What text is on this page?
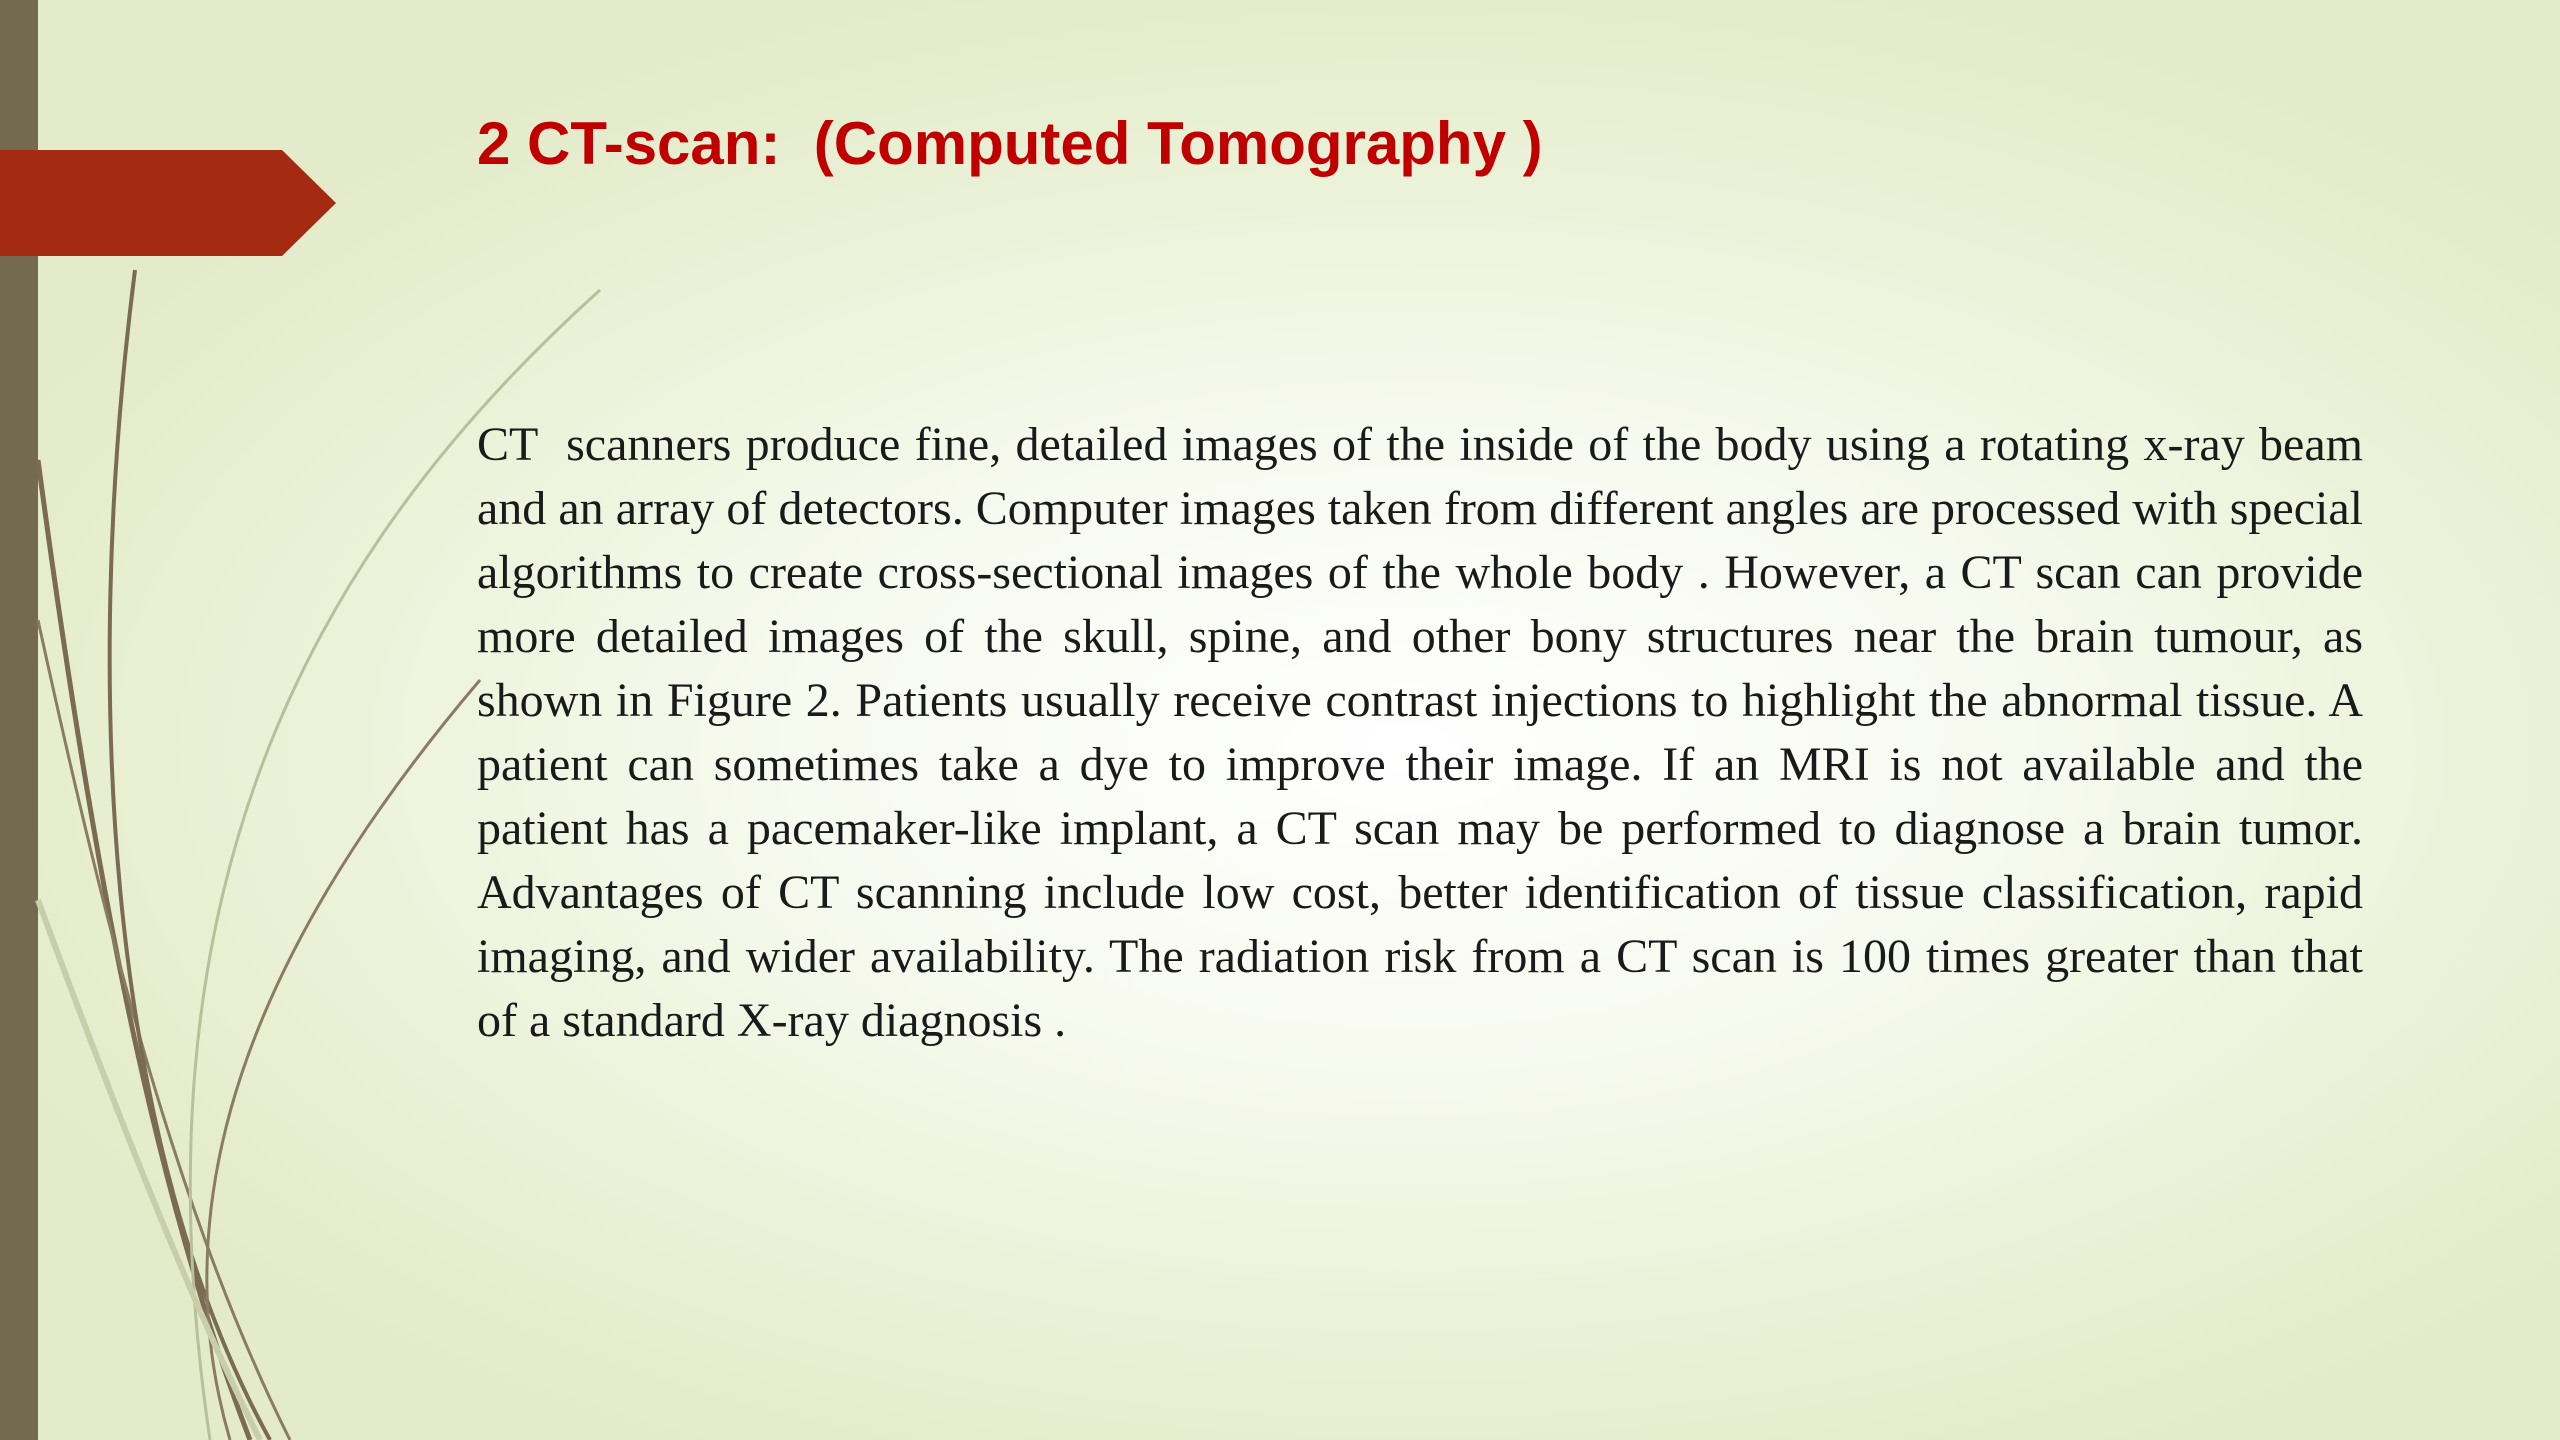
2 CT-scan:  (Computed Tomography )

CT  scanners produce fine, detailed images of the inside of the body using a rotating x-ray beam and an array of detectors. Computer images taken from different angles are processed with special algorithms to create cross-sectional images of the whole body . However, a CT scan can provide more detailed images of the skull, spine, and other bony structures near the brain tumour, as shown in Figure 2. Patients usually receive contrast injections to highlight the abnormal tissue. A patient can sometimes take a dye to improve their image. If an MRI is not available and the patient has a pacemaker-like implant, a CT scan may be performed to diagnose a brain tumor. Advantages of CT scanning include low cost, better identification of tissue classification, rapid imaging, and wider availability. The radiation risk from a CT scan is 100 times greater than that of a standard X-ray diagnosis .
